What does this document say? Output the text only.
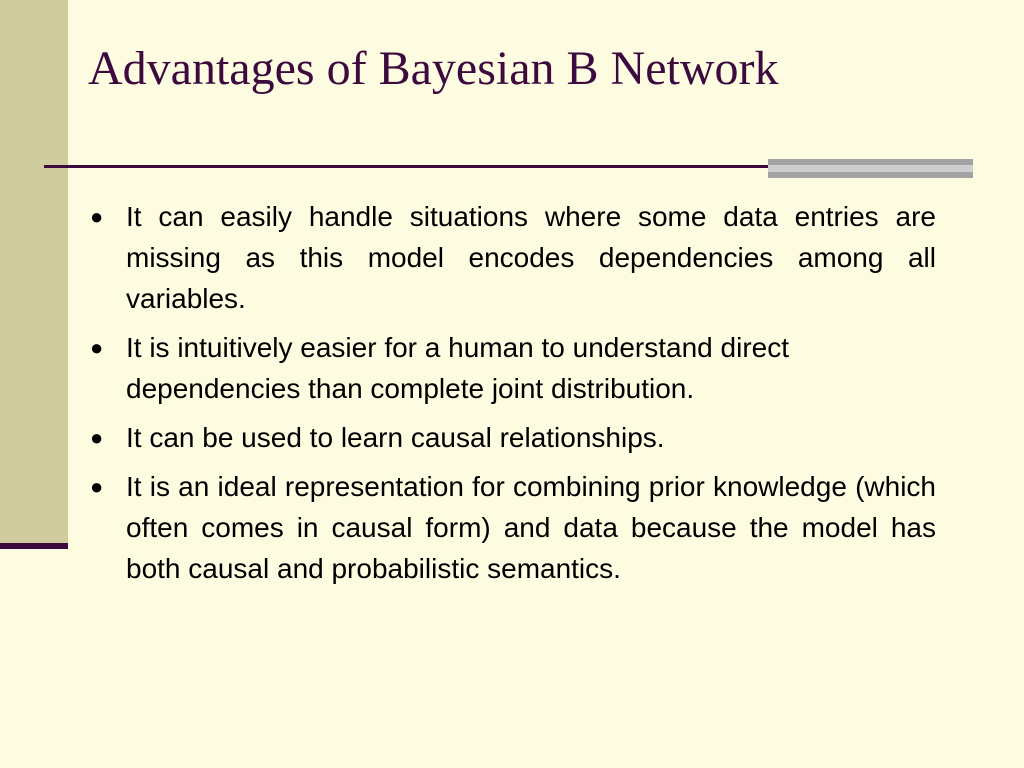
Advantages of Bayesian B Network
● It can easily handle situations where some data entries are missing as this model encodes dependencies among all variables.
● It is intuitively easier for a human to understand direct dependencies than complete joint distribution.
● It can be used to learn causal relationships.
● It is an ideal representation for combining prior knowledge (which often comes in causal form) and data because the model has both causal and probabilistic semantics.
